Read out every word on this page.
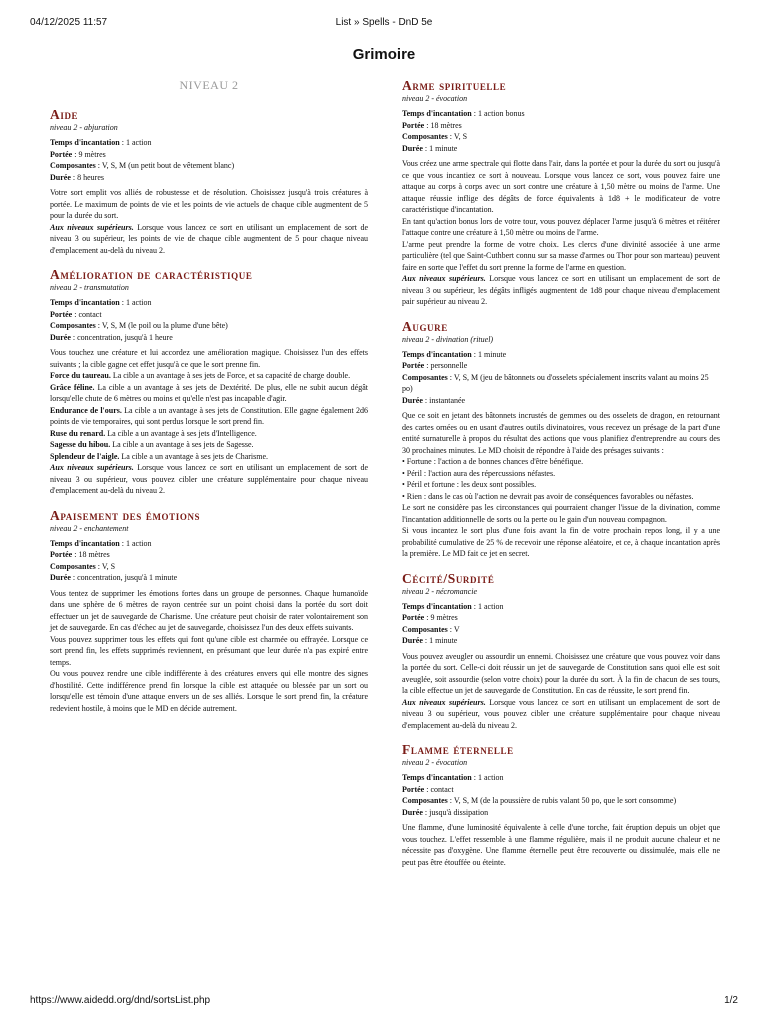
04/12/2025 11:57	List » Spells - DnD 5e
Grimoire
NIVEAU 2
Aide
niveau 2 - abjuration

Temps d'incantation : 1 action

Portée : 9 mètres

Composantes : V, S, M (un petit bout de vêtement blanc)

Durée : 8 heures

Votre sort emplit vos alliés de robustesse et de résolution. Choisissez jusqu'à trois créatures à portée. Le maximum de points de vie et les points de vie actuels de chaque cible augmentent de 5 pour la durée du sort.

Aux niveaux supérieurs. Lorsque vous lancez ce sort en utilisant un emplacement de sort de niveau 3 ou supérieur, les points de vie de chaque cible augmentent de 5 pour chaque niveau d'emplacement au-delà du niveau 2.

Amélioration de caractéristique
niveau 2 - transmutation

Temps d'incantation : 1 action

Portée : contact

Composantes : V, S, M (le poil ou la plume d'une bête)

Durée : concentration, jusqu'à 1 heure

Vous touchez une créature et lui accordez une amélioration magique. Choisissez l'un des effets suivants ; la cible gagne cet effet jusqu'à ce que le sort prenne fin.

Force du taureau. La cible a un avantage à ses jets de Force, et sa capacité de charge double.

Grâce féline. La cible a un avantage à ses jets de Dextérité. De plus, elle ne subit aucun dégât lorsqu'elle chute de 6 mètres ou moins et qu'elle n'est pas incapable d'agir.

Endurance de l'ours. La cible a un avantage à ses jets de Constitution. Elle gagne également 2d6 points de vie temporaires, qui sont perdus lorsque le sort prend fin.

Ruse du renard. La cible a un avantage à ses jets d'Intelligence.

Sagesse du hibou. La cible a un avantage à ses jets de Sagesse.

Splendeur de l'aigle. La cible a un avantage à ses jets de Charisme.

Aux niveaux supérieurs. Lorsque vous lancez ce sort en utilisant un emplacement de sort de niveau 3 ou supérieur, vous pouvez cibler une créature supplémentaire pour chaque niveau d'emplacement au-delà du niveau 2.

Apaisement des émotions
niveau 2 - enchantement

Temps d'incantation : 1 action

Portée : 18 mètres

Composantes : V, S

Durée : concentration, jusqu'à 1 minute

Vous tentez de supprimer les émotions fortes dans un groupe de personnes. Chaque humanoïde dans une sphère de 6 mètres de rayon centrée sur un point choisi dans la portée du sort doit effectuer un jet de sauvegarde de Charisme. Une créature peut choisir de rater volontairement son jet de sauvegarde. En cas d'échec au jet de sauvegarde, choisissez l'un des deux effets suivants.

Vous pouvez supprimer tous les effets qui font qu'une cible est charmée ou effrayée. Lorsque ce sort prend fin, les effets supprimés reviennent, en présumant que leur durée n'a pas expiré entre temps.

Ou vous pouvez rendre une cible indifférente à des créatures envers qui elle montre des signes d'hostilité. Cette indifférence prend fin lorsque la cible est attaquée ou blessée par un sort ou lorsqu'elle est témoin d'une attaque envers un de ses alliés. Lorsque le sort prend fin, la créature redevient hostile, à moins que le MD en décide autrement.

Arme spirituelle
niveau 2 - évocation

Temps d'incantation : 1 action bonus

Portée : 18 mètres

Composantes : V, S

Durée : 1 minute

Vous créez une arme spectrale qui flotte dans l'air, dans la portée et pour la durée du sort ou jusqu'à ce que vous incantiez ce sort à nouveau. Lorsque vous lancez ce sort, vous pouvez faire une attaque au corps à corps avec un sort contre une créature à 1,50 mètre ou moins de l'arme. Une attaque réussie inflige des dégâts de force équivalents à 1d8 + le modificateur de votre caractéristique d'incantation.

En tant qu'action bonus lors de votre tour, vous pouvez déplacer l'arme jusqu'à 6 mètres et réitérer l'attaque contre une créature à 1,50 mètre ou moins de l'arme.

L'arme peut prendre la forme de votre choix. Les clercs d'une divinité associée à une arme particulière (tel que Saint-Cuthbert connu sur sa masse d'armes ou Thor pour son marteau) peuvent faire en sorte que l'effet du sort prenne la forme de l'arme en question.

Aux niveaux supérieurs. Lorsque vous lancez ce sort en utilisant un emplacement de sort de niveau 3 ou supérieur, les dégâts infligés augmentent de 1d8 pour chaque niveau d'emplacement pair supérieur au niveau 2.

Augure
niveau 2 - divination (rituel)

Temps d'incantation : 1 minute

Portée : personnelle

Composantes : V, S, M (jeu de bâtonnets ou d'osselets spécialement inscrits valant au moins 25 po)

Durée : instantanée

Que ce soit en jetant des bâtonnets incrustés de gemmes ou des osselets de dragon, en retournant des cartes ornées ou en usant d'autres outils divinatoires, vous recevez un présage de la part d'une entité surnaturelle à propos du résultat des actions que vous planifiez d'entreprendre au cours des 30 prochaines minutes. Le MD choisit de répondre à l'aide des présages suivants :

• Fortune : l'action a de bonnes chances d'être bénéfique.

• Péril : l'action aura des répercussions néfastes.

• Péril et fortune : les deux sont possibles.

• Rien : dans le cas où l'action ne devrait pas avoir de conséquences favorables ou néfastes.

Le sort ne considère pas les circonstances qui pourraient changer l'issue de la divination, comme l'incantation additionnelle de sorts ou la perte ou le gain d'un nouveau compagnon.

Si vous incantez le sort plus d'une fois avant la fin de votre prochain repos long, il y a une probabilité cumulative de 25 % de recevoir une réponse aléatoire, et ce, à chaque incantation après la première. Le MD fait ce jet en secret.

Cécité/Surdité
niveau 2 - nécromancie

Temps d'incantation : 1 action

Portée : 9 mètres

Composantes : V

Durée : 1 minute

Vous pouvez aveugler ou assourdir un ennemi. Choisissez une créature que vous pouvez voir dans la portée du sort. Celle-ci doit réussir un jet de sauvegarde de Constitution sans quoi elle est soit aveuglée, soit assourdie (selon votre choix) pour la durée du sort. À la fin de chacun de ses tours, la cible effectue un jet de sauvegarde de Constitution. En cas de réussite, le sort prend fin.

Aux niveaux supérieurs. Lorsque vous lancez ce sort en utilisant un emplacement de sort de niveau 3 ou supérieur, vous pouvez cibler une créature supplémentaire pour chaque niveau d'emplacement au-delà du niveau 2.

Flamme éternelle
niveau 2 - évocation

Temps d'incantation : 1 action

Portée : contact

Composantes : V, S, M (de la poussière de rubis valant 50 po, que le sort consomme)

Durée : jusqu'à dissipation

Une flamme, d'une luminosité équivalente à celle d'une torche, fait éruption depuis un objet que vous touchez. L'effet ressemble à une flamme régulière, mais il ne produit aucune chaleur et ne nécessite pas d'oxygène. Une flamme éternelle peut être recouverte ou dissimulée, mais elle ne peut pas être étouffée ou éteinte.

https://www.aidedd.org/dnd/sortsList.php	1/2
